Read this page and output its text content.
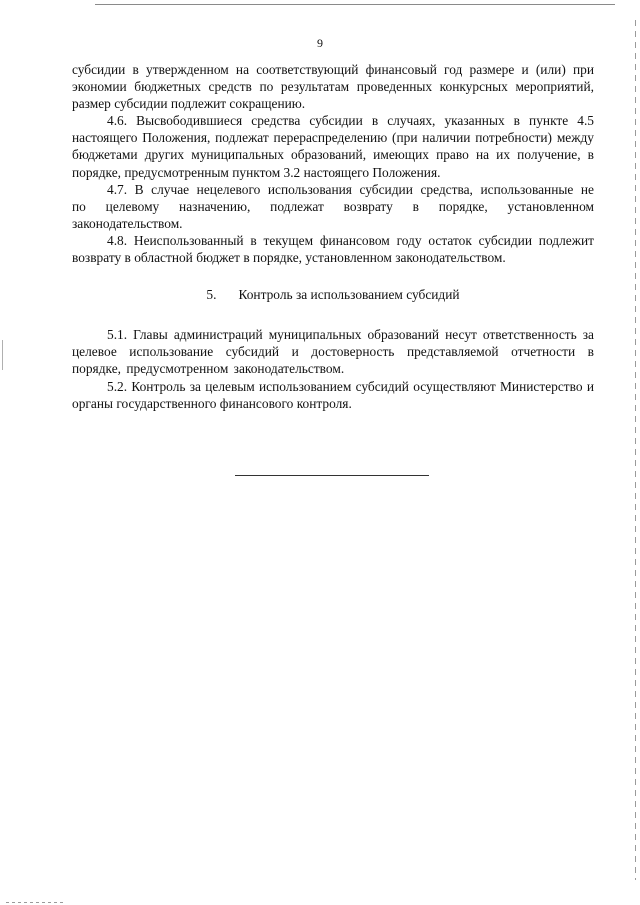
9

субсидии в утвержденном на соответствующий финансовый год размере и (или) при экономии бюджетных средств по результатам проведенных конкурсных мероприятий, размер субсидии подлежит сокращению.

4.6. Высвободившиеся средства субсидии в случаях, указанных в пункте 4.5 настоящего Положения, подлежат перераспределению (при наличии потребности) между бюджетами других муниципальных образований, имеющих право на их получение, в порядке, предусмотренным пунктом 3.2 настоящего Положения.

4.7. В случае нецелевого использования субсидии средства, использованные не по целевому назначению, подлежат возврату в порядке, установленном законодательством.

4.8. Неиспользованный в текущем финансовом году остаток субсидии подлежит возврату в областной бюджет в порядке, установленном законодательством.

5. Контроль за использованием субсидий

5.1. Главы администраций муниципальных образований несут ответственность за целевое использование субсидий и достоверность представляемой отчетности в порядке, предусмотренном законодательством.

5.2. Контроль за целевым использованием субсидий осуществляют Министерство и органы государственного финансового контроля.
